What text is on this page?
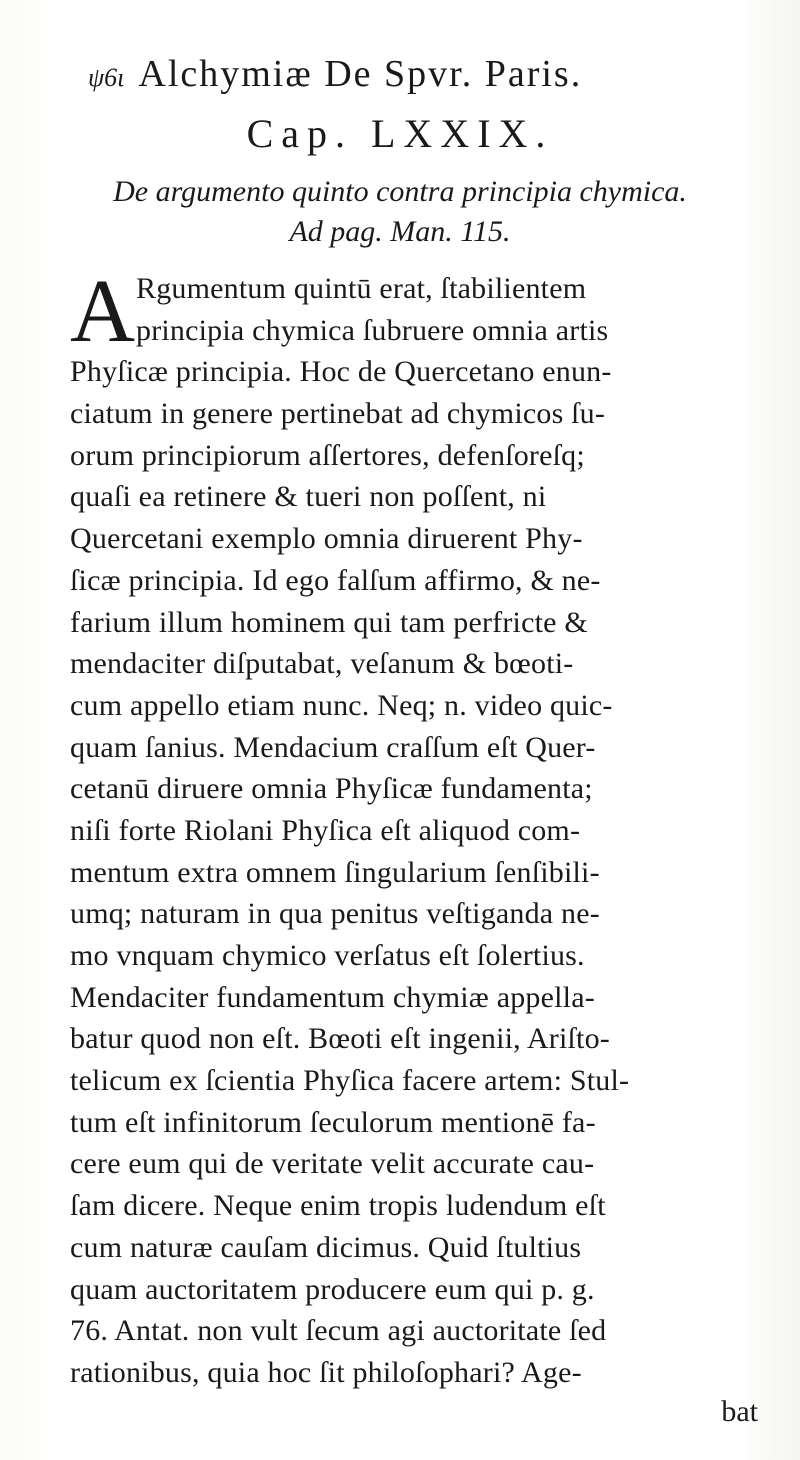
ψ6ι Alchymiæ De Spvr. Paris.
Cap. LXXIX.
De argumento quinto contra principia chymica.
Ad pag. Man. 115.
A Rgumentum quintū erat, ſtabilientem
principia chymica ſubruere omnia artis
Phyſicæ principia. Hoc de Quercetano enun-
ciatum in genere pertinebat ad chymicos ſu-
orum principiorum aſſertores, defenſoreſq;
quaſi ea retinere & tueri non poſſent, ni
Quercetani exemplo omnia diruerent Phy-
ſicæ principia. Id ego falſum affirmo, & ne-
farium illum hominem qui tam perfricte &
mendaciter diſputabat, veſanum & bœoti-
cum appello etiam nunc. Neq; n. video quic-
quam ſanius. Mendacium craſſum eſt Quer-
cetanū diruere omnia Phyſicæ fundamenta;
niſi forte Riolani Phyſica eſt aliquod com-
mentum extra omnem ſingularium ſenſibili-
umq; naturam in qua penitus veſtiganda ne-
mo vnquam chymico verſatus eſt ſolertius.
Mendaciter fundamentum chymiæ appella-
batur quod non eſt. Bœoti eſt ingenii, Ariſto-
telicum ex ſcientia Phyſica facere artem: Stul-
tum eſt infinitorum ſeculorum mentionē fa-
cere eum qui de veritate velit accurate cau-
ſam dicere. Neque enim tropis ludendum eſt
cum naturæ cauſam dicimus. Quid ſtultius
quam auctoritatem producere eum qui p. g.
76. Antat. non vult ſecum agi auctoritate ſed
rationibus, quia hoc ſit philoſophari? Age-
bat
